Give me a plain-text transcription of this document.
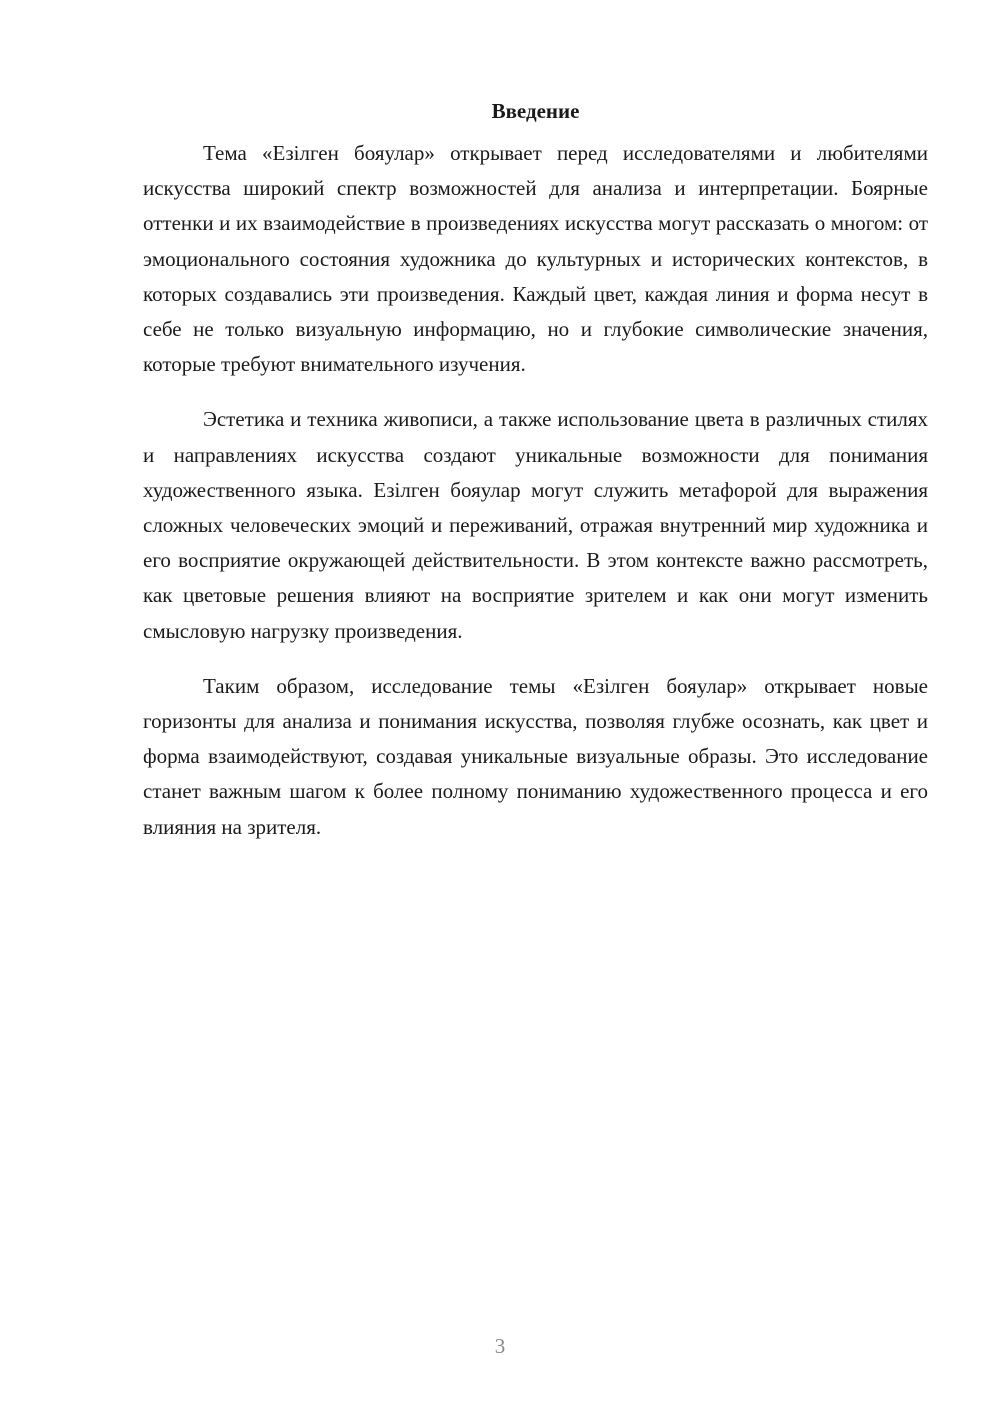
Введение

Тема «Езілген бояулар» открывает перед исследователями и любителями искусства широкий спектр возможностей для анализа и интерпретации. Боярные оттенки и их взаимодействие в произведениях искусства могут рассказать о многом: от эмоционального состояния художника до культурных и исторических контекстов, в которых создавались эти произведения. Каждый цвет, каждая линия и форма несут в себе не только визуальную информацию, но и глубокие символические значения, которые требуют внимательного изучения.

Эстетика и техника живописи, а также использование цвета в различных стилях и направлениях искусства создают уникальные возможности для понимания художественного языка. Езілген бояулар могут служить метафорой для выражения сложных человеческих эмоций и переживаний, отражая внутренний мир художника и его восприятие окружающей действительности. В этом контексте важно рассмотреть, как цветовые решения влияют на восприятие зрителем и как они могут изменить смысловую нагрузку произведения.

Таким образом, исследование темы «Езілген бояулар» открывает новые горизонты для анализа и понимания искусства, позволяя глубже осознать, как цвет и форма взаимодействуют, создавая уникальные визуальные образы. Это исследование станет важным шагом к более полному пониманию художественного процесса и его влияния на зрителя.

3
